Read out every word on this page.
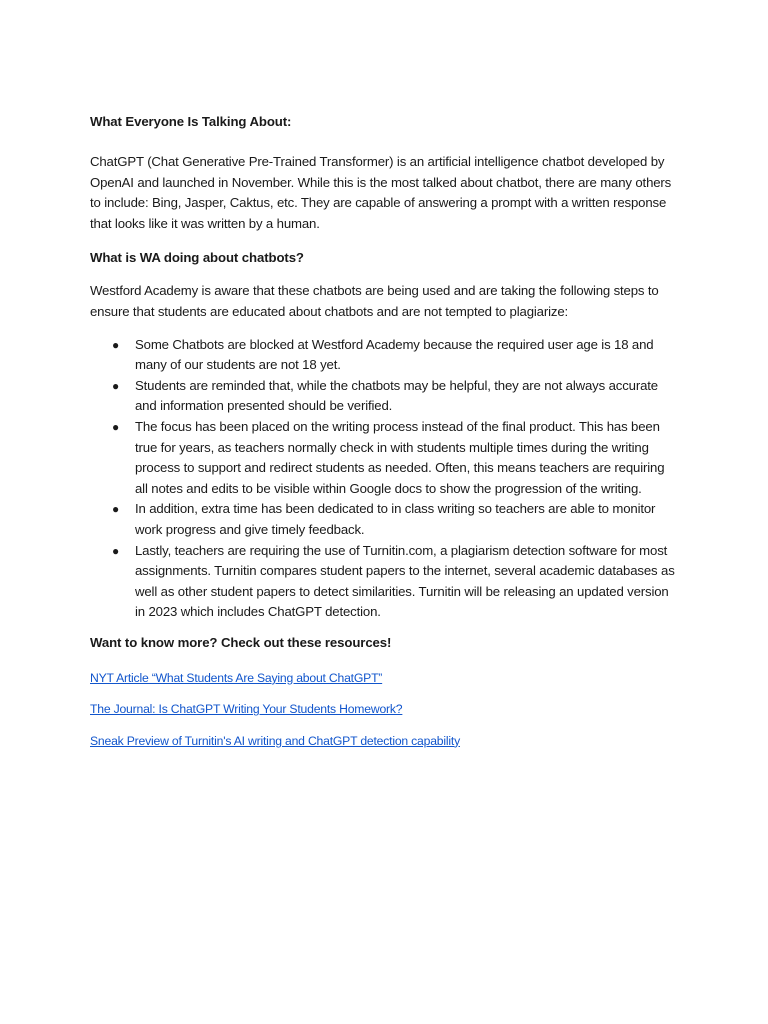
What Everyone Is Talking About:

ChatGPT (Chat Generative Pre-Trained Transformer) is an artificial intelligence chatbot developed by OpenAI and launched in November. While this is the most talked about chatbot, there are many others to include: Bing, Jasper, Caktus, etc. They are capable of answering a prompt with a written response that looks like it was written by a human.

What is WA doing about chatbots?

Westford Academy is aware that these chatbots are being used and are taking the following steps to ensure that students are educated about chatbots and are not tempted to plagiarize:

● Some Chatbots are blocked at Westford Academy because the required user age is 18 and many of our students are not 18 yet.
● Students are reminded that, while the chatbots may be helpful, they are not always accurate and information presented should be verified.
● The focus has been placed on the writing process instead of the final product. This has been true for years, as teachers normally check in with students multiple times during the writing process to support and redirect students as needed. Often, this means teachers are requiring all notes and edits to be visible within Google docs to show the progression of the writing.
● In addition, extra time has been dedicated to in class writing so teachers are able to monitor work progress and give timely feedback.
● Lastly, teachers are requiring the use of Turnitin.com, a plagiarism detection software for most assignments. Turnitin compares student papers to the internet, several academic databases as well as other student papers to detect similarities. Turnitin will be releasing an updated version in 2023 which includes ChatGPT detection.

Want to know more? Check out these resources!

NYT Article “What Students Are Saying about ChatGPT”
The Journal: Is ChatGPT Writing Your Students Homework?
Sneak Preview of Turnitin's AI writing and ChatGPT detection capability
